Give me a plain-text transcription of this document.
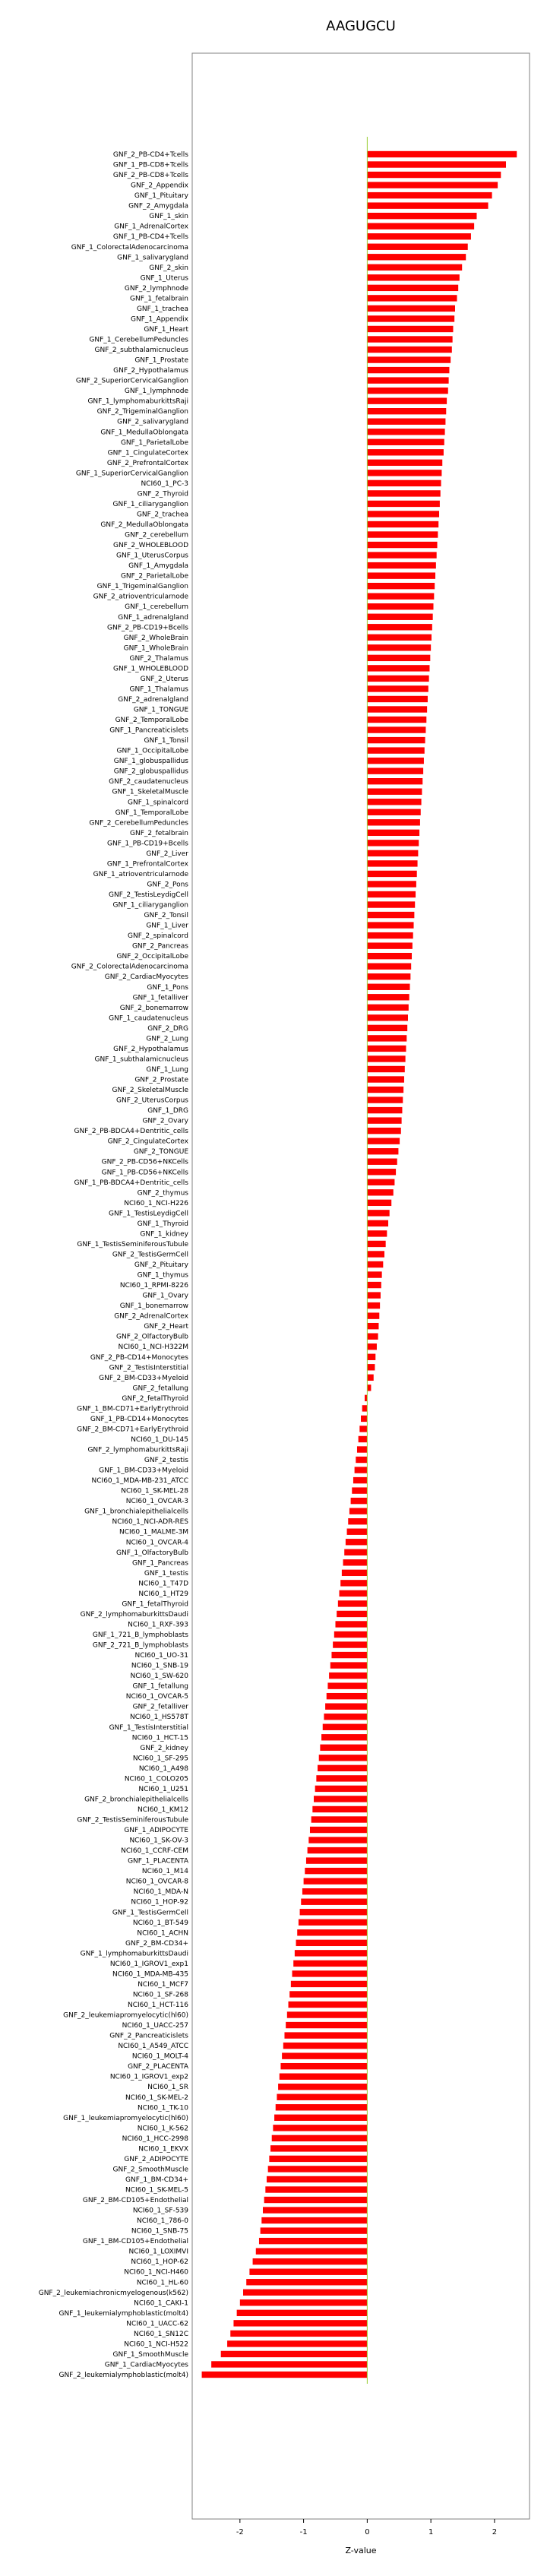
AAGUGCU
GNF_2_PB-CD4+Tcells
GNF_1_PB-CD8+Tcells
GNF_2_PB-CD8+Tcells
GNF_2_Appendix
GNF_1_Pituitary
GNF_2_Amygdala
GNF_1_skin
GNF_1_AdrenalCortex
GNF_1_PB-CD4+Tcells
GNF_1_ColorectalAdenocarcinoma
GNF_1_salivarygland
GNF_2_skin
GNF_1_Uterus
GNF_2_lymphnode
GNF_1_fetalbrain
GNF_1_trachea
GNF_1_Appendix
GNF_1_Heart
GNF_1_CerebellumPeduncles
GNF_2_subthalamicnucleus
GNF_1_Prostate
GNF_2_Hypothalamus
GNF_2_SuperiorCervicalGanglion
GNF_1_lymphnode
GNF_1_lymphomaburkittsRaji
GNF_2_TrigeminalGanglion
GNF_2_salivarygland
GNF_1_MedullaOblongata
GNF_1_ParietalLobe
GNF_1_CingulateCortex
GNF_2_PrefrontalCortex
GNF_1_SuperiorCervicalGanglion
NCI60_1_PC-3
GNF_2_Thyroid
GNF_1_ciliaryganglion
GNF_2_trachea
GNF_2_MedullaOblongata
GNF_2_cerebellum
GNF_2_WHOLEBLOOD
GNF_1_UterusCorpus
GNF_1_Amygdala
GNF_2_ParietalLobe
GNF_1_TrigeminalGanglion
GNF_2_atrioventricularnode
GNF_1_cerebellum
GNF_1_adrenalgland
GNF_2_PB-CD19+Bcells
GNF_2_WholeBrain
GNF_1_WholeBrain
GNF_2_Thalamus
GNF_1_WHOLEBLOOD
GNF_2_Uterus
GNF_1_Thalamus
GNF_2_adrenalgland
GNF_1_TONGUE
GNF_2_TemporalLobe
GNF_1_Pancreaticislets
GNF_1_Tonsil
GNF_1_OccipitalLobe
GNF_1_globuspallidus
GNF_2_globuspallidus
GNF_2_caudatenucleus
GNF_1_SkeletalMuscle
GNF_1_spinalcord
GNF_1_TemporalLobe
GNF_2_CerebellumPeduncles
GNF_2_fetalbrain
GNF_1_PB-CD19+Bcells
GNF_2_Liver
GNF_1_PrefrontalCortex
GNF_1_atrioventricularnode
GNF_2_Pons
GNF_2_TestisLeydigCell
GNF_1_ciliaryganglion
GNF_2_Tonsil
GNF_1_Liver
GNF_2_spinalcord
GNF_2_Pancreas
GNF_2_OccipitalLobe
GNF_2_ColorectalAdenocarcinoma
GNF_2_CardiacMyocytes
GNF_1_Pons
GNF_1_fetalliver
GNF_2_bonemarrow
GNF_1_caudatenucleus
GNF_2_DRG
GNF_2_Lung
GNF_2_Hypothalamus
GNF_1_subthalamicnucleus
GNF_1_Lung
GNF_2_Prostate
GNF_2_SkeletalMuscle
GNF_2_UterusCorpus
GNF_1_DRG
GNF_2_Ovary
GNF_2_PB-BDCA4+Dentritic_cells
GNF_2_CingulateCortex
GNF_2_TONGUE
GNF_2_PB-CD56+NKCells
GNF_1_PB-CD56+NKCells
GNF_1_PB-BDCA4+Dentritic_cells
GNF_2_thymus
NCI60_1_NCI-H226
GNF_1_TestisLeydigCell
GNF_1_Thyroid
GNF_1_kidney
GNF_1_TestisSeminiferousTubule
GNF_2_TestisGermCell
GNF_2_Pituitary
GNF_1_thymus
NCI60_1_RPMI-8226
GNF_1_Ovary
GNF_1_bonemarrow
GNF_2_AdrenalCortex
GNF_2_Heart
GNF_2_OlfactoryBulb
NCI60_1_NCI-H322M
GNF_2_PB-CD14+Monocytes
GNF_2_TestisInterstitial
GNF_2_BM-CD33+Myeloid
GNF_2_fetallung
GNF_2_fetalThyroid
GNF_1_BM-CD71+EarlyErythroid
GNF_1_PB-CD14+Monocytes
GNF_2_BM-CD71+EarlyErythroid
NCI60_1_DU-145
GNF_2_lymphomaburkittsRaji
GNF_2_testis
GNF_1_BM-CD33+Myeloid
NCI60_1_MDA-MB-231_ATCC
NCI60_1_SK-MEL-28
NCI60_1_OVCAR-3
GNF_1_bronchialepithelialcells
NCI60_1_NCI-ADR-RES
NCI60_1_MALME-3M
NCI60_1_OVCAR-4
GNF_1_OlfactoryBulb
GNF_1_Pancreas
GNF_1_testis
NCI60_1_T47D
NCI60_1_HT29
GNF_1_fetalThyroid
GNF_2_lymphomaburkittsDaudi
NCI60_1_RXF-393
GNF_1_721_B_lymphoblasts
GNF_2_721_B_lymphoblasts
NCI60_1_UO-31
NCI60_1_SNB-19
NCI60_1_SW-620
GNF_1_fetallung
NCI60_1_OVCAR-5
GNF_2_fetalliver
NCI60_1_HS578T
GNF_1_TestisInterstitial
NCI60_1_HCT-15
GNF_2_kidney
NCI60_1_SF-295
NCI60_1_A498
NCI60_1_COLO205
NCI60_1_U251
GNF_2_bronchialepithelialcells
NCI60_1_KM12
GNF_2_TestisSeminiferousTubule
GNF_1_ADIPOCYTE
NCI60_1_SK-OV-3
NCI60_1_CCRF-CEM
GNF_1_PLACENTA
NCI60_1_M14
NCI60_1_OVCAR-8
NCI60_1_MDA-N
NCI60_1_HOP-92
GNF_1_TestisGermCell
NCI60_1_BT-549
NCI60_1_ACHN
GNF_2_BM-CD34+
GNF_1_lymphomaburkittsDaudi
NCI60_1_IGROV1_exp1
NCI60_1_MDA-MB-435
NCI60_1_MCF7
NCI60_1_SF-268
NCI60_1_HCT-116
GNF_2_leukemiapromyelocytic(hl60)
NCI60_1_UACC-257
GNF_2_Pancreaticislets
NCI60_1_A549_ATCC
NCI60_1_MOLT-4
GNF_2_PLACENTA
NCI60_1_IGROV1_exp2
NCI60_1_SR
NCI60_1_SK-MEL-2
NCI60_1_TK-10
GNF_1_leukemiapromyelocytic(hl60)
NCI60_1_K-562
NCI60_1_HCC-2998
NCI60_1_EKVX
GNF_2_ADIPOCYTE
GNF_2_SmoothMuscle
GNF_1_BM-CD34+
NCI60_1_SK-MEL-5
GNF_2_BM-CD105+Endothelial
NCI60_1_SF-539
NCI60_1_786-0
NCI60_1_SNB-75
GNF_1_BM-CD105+Endothelial
NCI60_1_LOXIMVI
NCI60_1_HOP-62
NCI60_1_NCI-H460
NCI60_1_HL-60
GNF_2_leukemiachronicmyelogenous(k562)
NCI60_1_CAKI-1
GNF_1_leukemialymphoblastic(molt4)
NCI60_1_UACC-62
NCI60_1_SN12C
NCI60_1_NCI-H522
GNF_1_SmoothMuscle
GNF_1_CardiacMyocytes
GNF_2_leukemialymphoblastic(molt4)
-2	-1	0	1	2
Z-value
